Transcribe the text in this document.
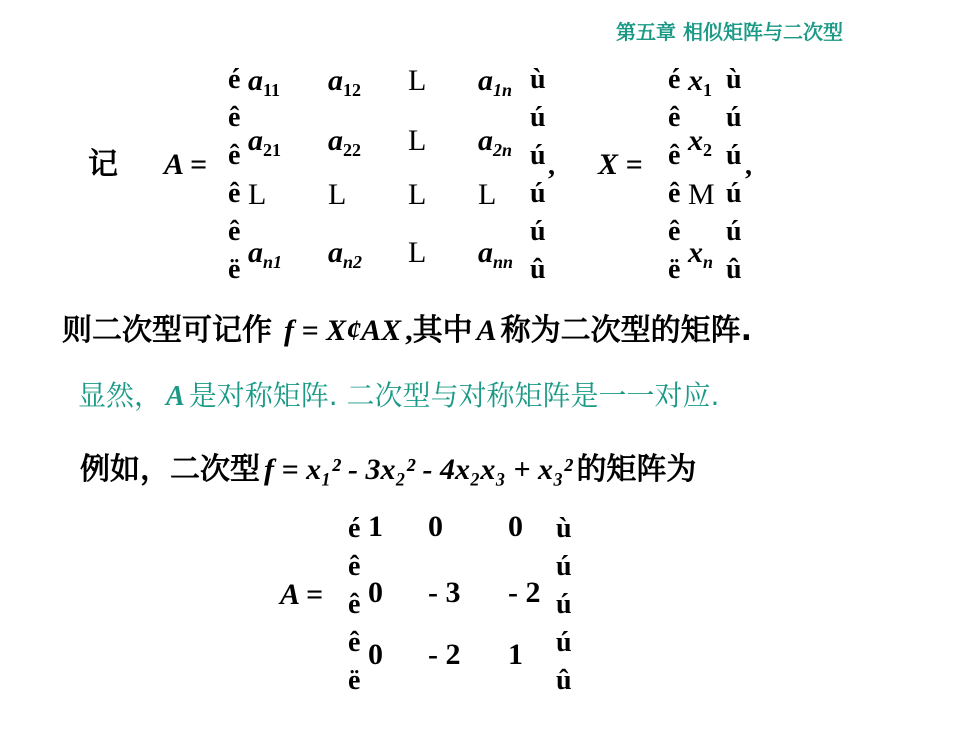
第五章 相似矩阵与二次型
记 A =
é
ê
ê
ê
ê
ë
$a_{11}$ $a_{12}$ L $a_{1n}$
$a_{21}$ $a_{22}$ L $a_{2n}$
L L L L
$a_{n1}$ $a_{n2}$ L $a_{nn}$
ù
ú
ú
ú
ú
û
, X =
é
ê
ê
ê
ê
ë
$x_1$
$x_2$
M
$x_n$
ù
ú
ú
ú
ú
û
,
则二次型可记作 f = X¢AX ,其中 A 称为二次型的矩阵.
显然， A 是对称矩阵. 二次型与对称矩阵是一一对应.
例如，二次型 f = x₁² - 3x₂² - 4x₂x₃ + x₃² 的矩阵为
A =
é
ê
ê
ê
ë
1 0 0
0 - 3 - 2
0 - 2 1
ù
ú
ú
ú
û
